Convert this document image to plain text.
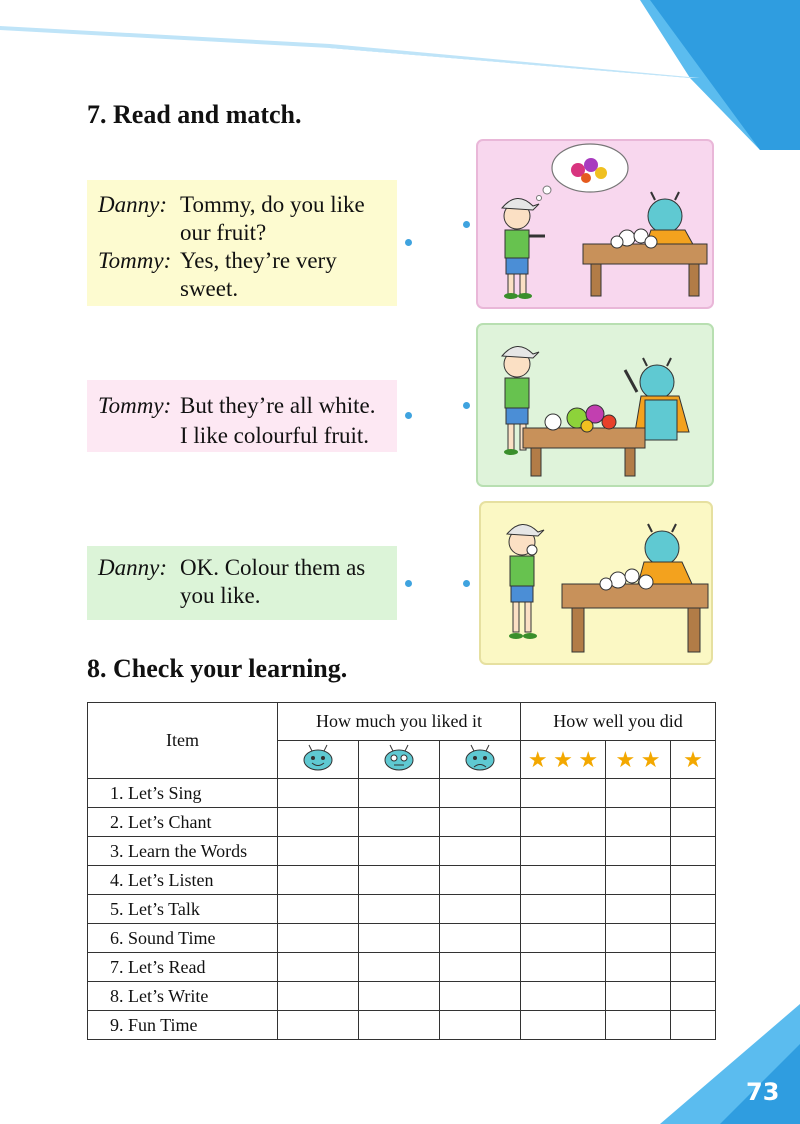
Final Revision
7. Read and match.
Danny: Tommy, do you like
our fruit?
Tommy: Yes, they’re very
sweet.
Tommy: But they’re all white.
I like colourful fruit.
Danny: OK. Colour them as
you like.
8. Check your learning.
Item	How much you liked it			How well you did		
			★ ★ ★	★ ★	★
1. Let’s Sing						
2. Let’s Chant						
3. Learn the Words						
4. Let’s Listen						
5. Let’s Talk						
6. Sound Time						
7. Let’s Read						
8. Let’s Write						
9. Fun Time						
73
